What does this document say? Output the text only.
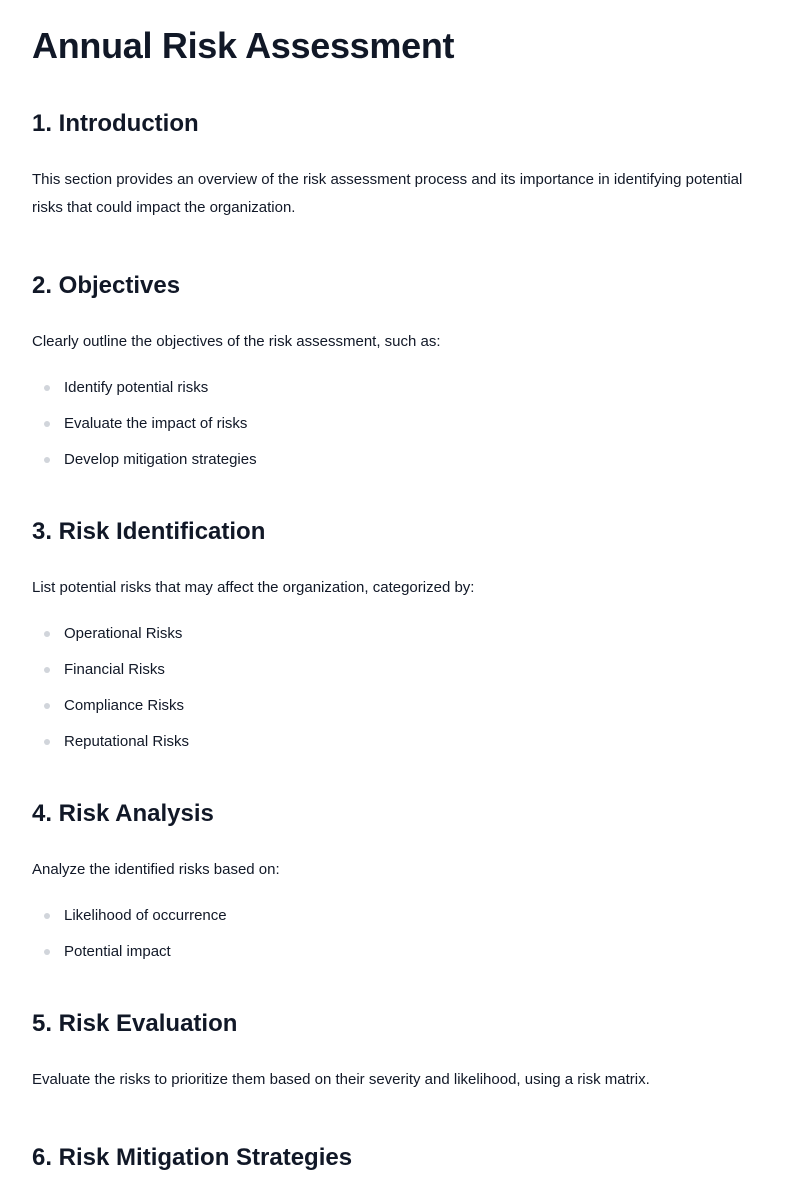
Annual Risk Assessment
1. Introduction

This section provides an overview of the risk assessment process and its importance in identifying potential risks that could impact the organization.

2. Objectives

Clearly outline the objectives of the risk assessment, such as:

Identify potential risks
Evaluate the impact of risks
Develop mitigation strategies
3. Risk Identification

List potential risks that may affect the organization, categorized by:

Operational Risks
Financial Risks
Compliance Risks
Reputational Risks
4. Risk Analysis

Analyze the identified risks based on:

Likelihood of occurrence
Potential impact
5. Risk Evaluation

Evaluate the risks to prioritize them based on their severity and likelihood, using a risk matrix.

6. Risk Mitigation Strategies
